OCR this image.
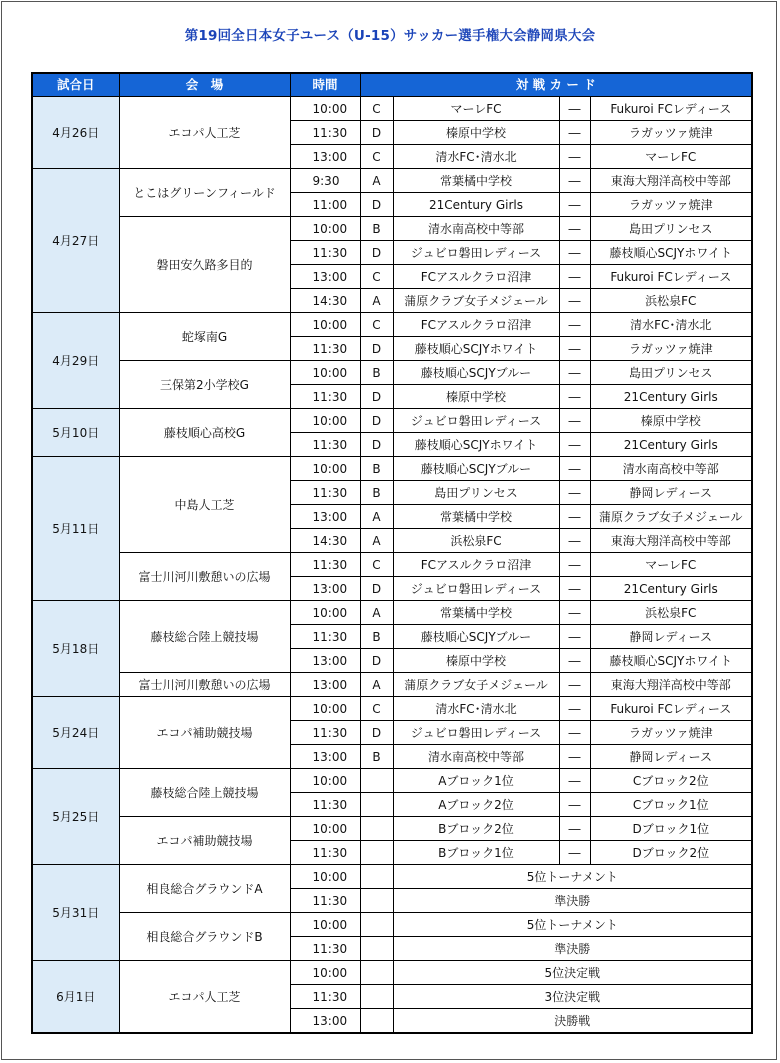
第19回全日本女子ユース（U-15）サッカー選手権大会静岡県大会
試合日	会　場	時間	対 戦 カ ー ド			
4月26日	エコパ人工芝	10:00	C	マーレFC	―	Fukuroi FCレディース
		11:30	D	榛原中学校	―	ラガッツァ焼津
		13:00	C	清水FC･清水北	―	マーレFC
4月27日	とこはグリーンフィールド	9:30	A	常葉橘中学校	―	東海大翔洋高校中等部
		11:00	D	21Century Girls	―	ラガッツァ焼津
	磐田安久路多目的	10:00	B	清水南高校中等部	―	島田プリンセス
		11:30	D	ジュビロ磐田レディース	―	藤枝順心SCJYホワイト
		13:00	C	FCアスルクラロ沼津	―	Fukuroi FCレディース
		14:30	A	蒲原クラブ女子メジェール	―	浜松泉FC
4月29日	蛇塚南G	10:00	C	FCアスルクラロ沼津	―	清水FC･清水北
		11:30	D	藤枝順心SCJYホワイト	―	ラガッツァ焼津
	三保第2小学校G	10:00	B	藤枝順心SCJYブルー	―	島田プリンセス
		11:30	D	榛原中学校	―	21Century Girls
5月10日	藤枝順心高校G	10:00	D	ジュビロ磐田レディース	―	榛原中学校
		11:30	D	藤枝順心SCJYホワイト	―	21Century Girls
5月11日	中島人工芝	10:00	B	藤枝順心SCJYブルー	―	清水南高校中等部
		11:30	B	島田プリンセス	―	静岡レディース
		13:00	A	常葉橘中学校	―	蒲原クラブ女子メジェール
		14:30	A	浜松泉FC	―	東海大翔洋高校中等部
	富士川河川敷憩いの広場	11:30	C	FCアスルクラロ沼津	―	マーレFC
		13:00	D	ジュビロ磐田レディース	―	21Century Girls
5月18日	藤枝総合陸上競技場	10:00	A	常葉橘中学校	―	浜松泉FC
		11:30	B	藤枝順心SCJYブルー	―	静岡レディース
		13:00	D	榛原中学校	―	藤枝順心SCJYホワイト
	富士川河川敷憩いの広場	13:00	A	蒲原クラブ女子メジェール	―	東海大翔洋高校中等部
5月24日	エコパ補助競技場	10:00	C	清水FC･清水北	―	Fukuroi FCレディース
		11:30	D	ジュビロ磐田レディース	―	ラガッツァ焼津
		13:00	B	清水南高校中等部	―	静岡レディース
5月25日	藤枝総合陸上競技場	10:00		Aブロック1位	―	Cブロック2位
		11:30		Aブロック2位	―	Cブロック1位
	エコパ補助競技場	10:00		Bブロック2位	―	Dブロック1位
		11:30		Bブロック1位	―	Dブロック2位
5月31日	相良総合グラウンドA	10:00		5位トーナメント		
		11:30		準決勝		
	相良総合グラウンドB	10:00		5位トーナメント		
		11:30		準決勝		
6月1日	エコパ人工芝	10:00		5位決定戦		
		11:30		3位決定戦		
		13:00		決勝戦		
